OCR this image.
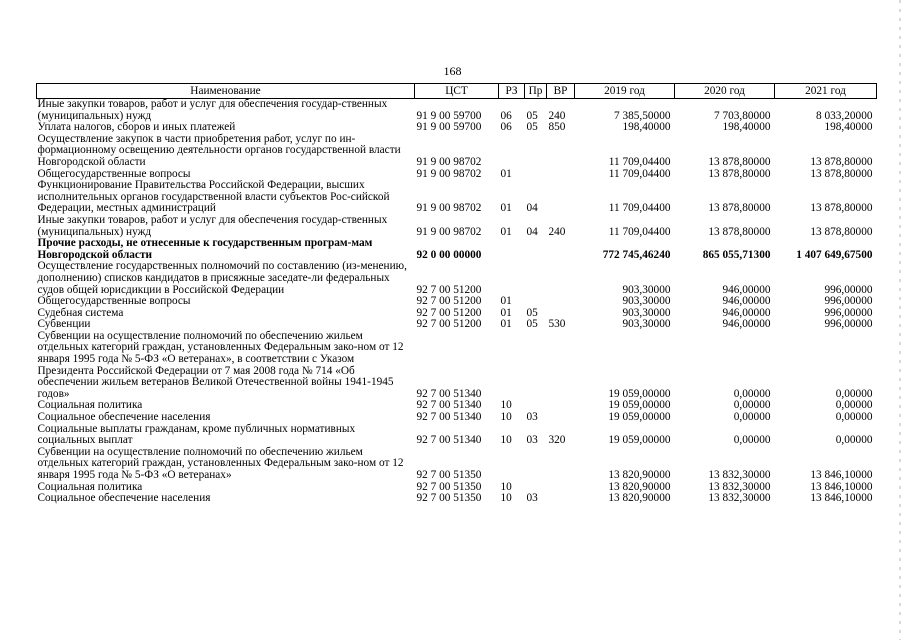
168
Наименование	ЦСТ	РЗ	Пр	ВР	2019 год	2020 год	2021 год
Иные закупки товаров, работ и услуг для обеспечения государ-ственных (муниципальных) нужд	91 9 00 59700	06	05	240	7 385,50000	7 703,80000	8 033,20000
Уплата налогов, сборов и иных платежей	91 9 00 59700	06	05	850	198,40000	198,40000	198,40000
Осуществление закупок в части приобретения работ, услуг по ин-формационному освещению деятельности органов государственной власти Новгородской области	91 9 00 98702				11 709,04400	13 878,80000	13 878,80000
Общегосударственные вопросы	91 9 00 98702	01			11 709,04400	13 878,80000	13 878,80000
Функционирование Правительства Российской Федерации, высших исполнительных органов государственной власти субъектов Рос-сийской Федерации, местных администраций	91 9 00 98702	01	04		11 709,04400	13 878,80000	13 878,80000
Иные закупки товаров, работ и услуг для обеспечения государ-ственных (муниципальных) нужд	91 9 00 98702	01	04	240	11 709,04400	13 878,80000	13 878,80000
Прочие расходы, не отнесенные к государственным програм-мам Новгородской области	92 0 00 00000				772 745,46240	865 055,71300	1 407 649,67500
Осуществление государственных полномочий по составлению (из-менению, дополнению) списков кандидатов в присяжные заседате-ли федеральных судов общей юрисдикции в Российской Федерации	92 7 00 51200				903,30000	946,00000	996,00000
Общегосударственные вопросы	92 7 00 51200	01			903,30000	946,00000	996,00000
Судебная система	92 7 00 51200	01	05		903,30000	946,00000	996,00000
Субвенции	92 7 00 51200	01	05	530	903,30000	946,00000	996,00000
Субвенции на осуществление полномочий по обеспечению жильем отдельных категорий граждан, установленных Федеральным зако-ном от 12 января 1995 года № 5-ФЗ «О ветеранах», в соответствии с Указом Президента Российской Федерации от 7 мая 2008 года № 714 «Об обеспечении жильем ветеранов Великой Отечественной войны 1941-1945 годов»	92 7 00 51340				19 059,00000	0,00000	0,00000
Социальная политика	92 7 00 51340	10			19 059,00000	0,00000	0,00000
Социальное обеспечение населения	92 7 00 51340	10	03		19 059,00000	0,00000	0,00000
Социальные выплаты гражданам, кроме публичных нормативных социальных выплат	92 7 00 51340	10	03	320	19 059,00000	0,00000	0,00000
Субвенции на осуществление полномочий по обеспечению жильем отдельных категорий граждан, установленных Федеральным зако-ном от 12 января 1995 года № 5-ФЗ «О ветеранах»	92 7 00 51350				13 820,90000	13 832,30000	13 846,10000
Социальная политика	92 7 00 51350	10			13 820,90000	13 832,30000	13 846,10000
Социальное обеспечение населения	92 7 00 51350	10	03		13 820,90000	13 832,30000	13 846,10000
